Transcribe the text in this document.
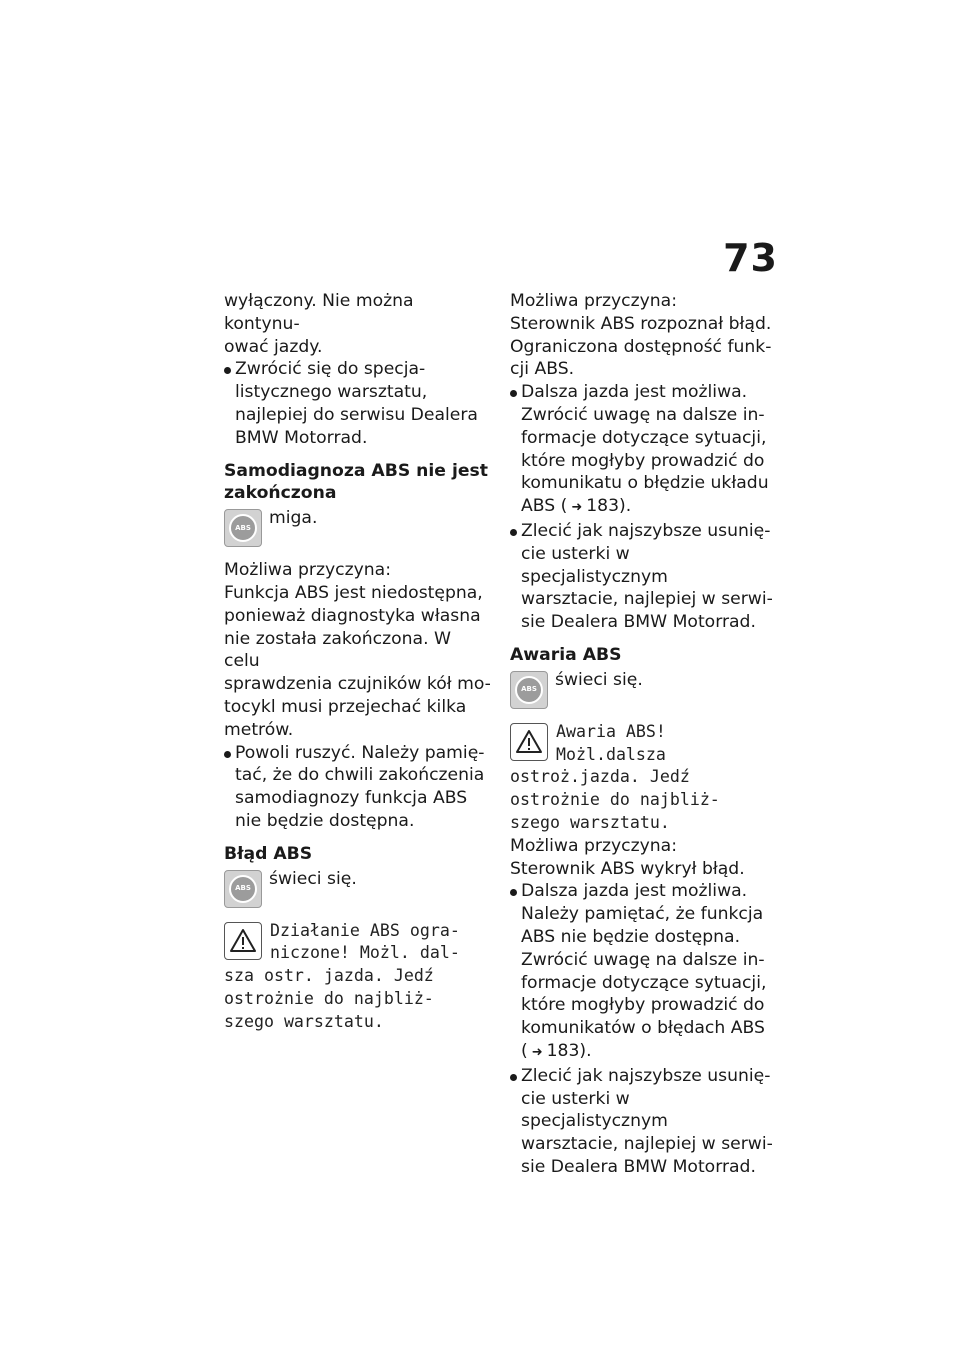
73

wyłączony. Nie można kontynu-

ować jazdy.

Zwrócić się do specja-
listycznego warsztatu,
najlepiej do serwisu Dealera
BMW Motorrad.
Samodiagnoza ABS nie jest
zakończona
ABS	miga.

Możliwa przyczyna:

Funkcja ABS jest niedostępna,

ponieważ diagnostyka własna

nie została zakończona. W celu

sprawdzenia czujników kół mo-

tocykl musi przejechać kilka

metrów.

Powoli ruszyć. Należy pamię-
tać, że do chwili zakończenia
samodiagnozy funkcja ABS
nie będzie dostępna.
Błąd ABS
ABS	świeci się.
Działanie ABS ogra-
niczone! Możl. dal-
sza ostr. jazda. Jedź
ostrożnie do najbliż-
szego warsztatu.

Możliwa przyczyna:

Sterownik ABS rozpoznał błąd.

Ograniczona dostępność funk-

cji ABS.

Dalsza jazda jest możliwa.
Zwrócić uwagę na dalsze in-
formacje dotyczące sytuacji,
które mogłyby prowadzić do
komunikatu o błędzie układu
ABS ( ➜ 183).
Zlecić jak najszybsze usunię-
cie usterki w specjalistycznym
warsztacie, najlepiej w serwi-
sie Dealera BMW Motorrad.
Awaria ABS
ABS	świeci się.
Awaria ABS!
Możl.dalsza
ostroż.jazda. Jedź
ostrożnie do najbliż-
szego warsztatu.

Możliwa przyczyna:

Sterownik ABS wykrył błąd.

Dalsza jazda jest możliwa.
Należy pamiętać, że funkcja
ABS nie będzie dostępna.
Zwrócić uwagę na dalsze in-
formacje dotyczące sytuacji,
które mogłyby prowadzić do
komunikatów o błędach ABS
( ➜ 183).
Zlecić jak najszybsze usunię-
cie usterki w specjalistycznym
warsztacie, najlepiej w serwi-
sie Dealera BMW Motorrad.
